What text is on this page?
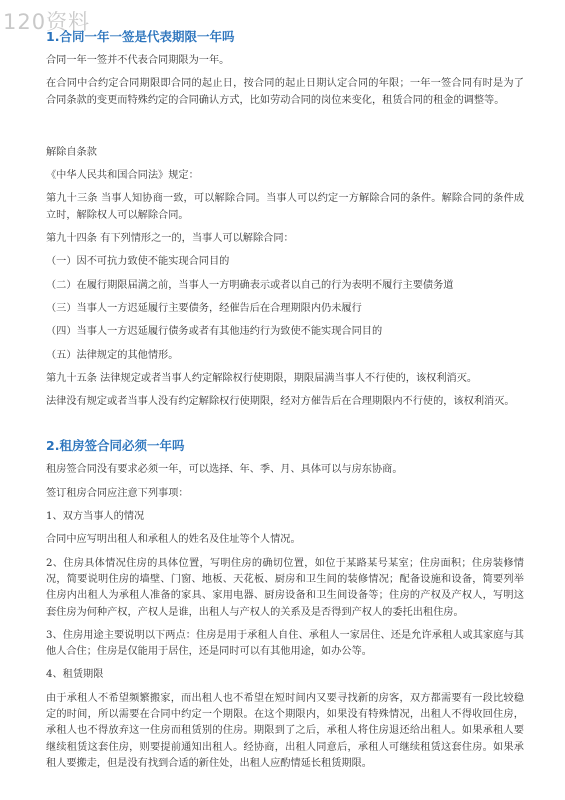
120资料
1.合同一年一签是代表期限一年吗

合同一年一签并不代表合同期限为一年。

在合同中合约定合同期限即合同的起止日，按合同的起止日期认定合同的年限；一年一签合同有时是为了合同条款的变更而特殊约定的合同确认方式，比如劳动合同的岗位来变化，租赁合同的租金的调整等。

解除自条款

《中华人民共和国合同法》规定：

第九十三条 当事人知协商一致，可以解除合同。当事人可以约定一方解除合同的条件。解除合同的条件成立时，解除权人可以解除合同。

第九十四条 有下列情形之一的，当事人可以解除合同：

（一）因不可抗力致使不能实现合同目的

（二）在履行期限届满之前，当事人一方明确表示或者以自己的行为表明不履行主要债务道

（三）当事人一方迟延履行主要债务，经催告后在合理期限内仍未履行

（四）当事人一方迟延履行债务或者有其他违约行为致使不能实现合同目的

（五）法律规定的其他情形。

第九十五条 法律规定或者当事人约定解除权行使期限，期限届满当事人不行使的，该权利消灭。

法律没有规定或者当事人没有约定解除权行使期限，经对方催告后在合理期限内不行使的，该权利消灭。

2.租房签合同必须一年吗

租房签合同没有要求必须一年，可以选择、年、季、月、具体可以与房东协商。

签订租房合同应注意下列事项：

1、双方当事人的情况

合同中应写明出租人和承租人的姓名及住址等个人情况。

2、住房具体情况住房的具体位置，写明住房的确切位置，如位于某路某号某室；住房面积；住房装修情况，简要说明住房的墙壁、门窗、地板、天花板、厨房和卫生间的装修情况；配备设施和设备，简要列举住房内出租人为承租人准备的家具、家用电器、厨房设备和卫生间设备等；住房的产权及产权人，写明这套住房为何种产权，产权人是谁，出租人与产权人的关系及是否得到产权人的委托出租住房。

3、住房用途主要说明以下两点：住房是用于承租人自住、承租人一家居住、还是允许承租人或其家庭与其他人合住；住房是仅能用于居住，还是同时可以有其他用途，如办公等。

4、租赁期限

由于承租人不希望频繁搬家，而出租人也不希望在短时间内又要寻找新的房客，双方都需要有一段比较稳定的时间，所以需要在合同中约定一个期限。在这个期限内，如果没有特殊情况，出租人不得收回住房，承租人也不得放弃这一住房而租赁别的住房。期限到了之后，承租人将住房退还给出租人。如果承租人要继续租赁这套住房，则要提前通知出租人。经协商，出租人同意后，承租人可继续租赁这套住房。如果承租人要搬走，但是没有找到合适的新住处，出租人应酌情延长租赁期限。
